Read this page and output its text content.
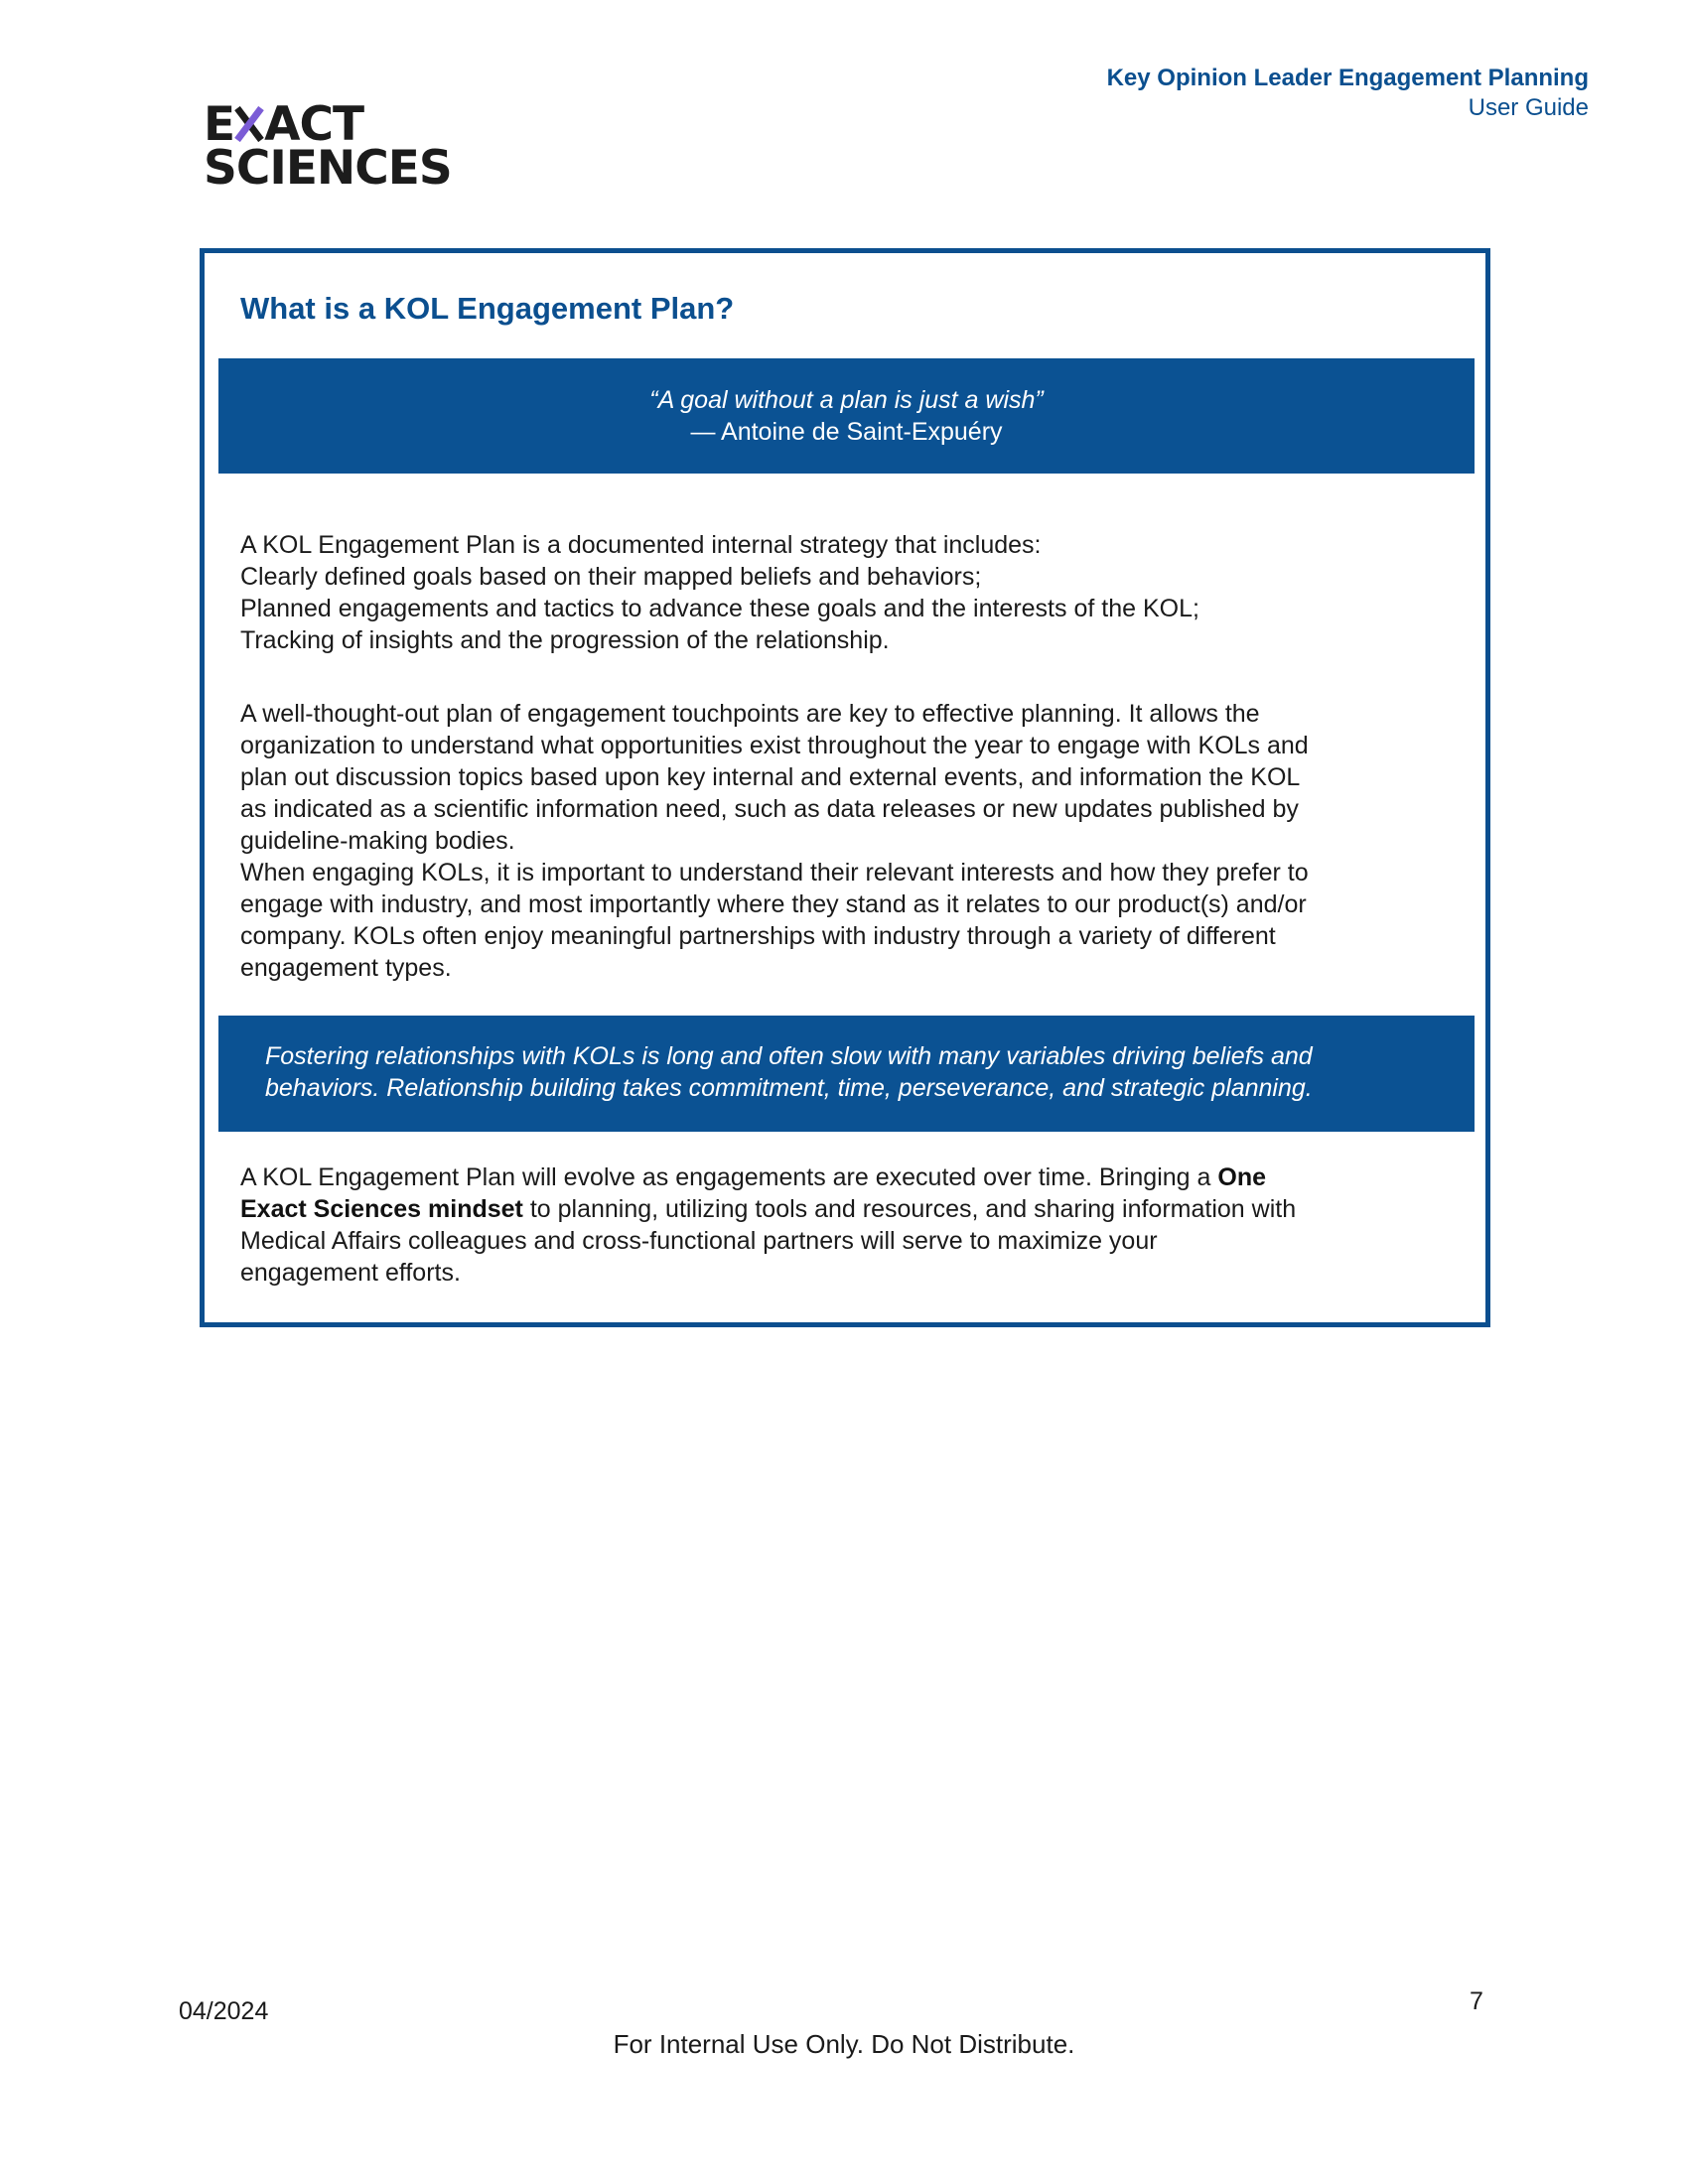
Key Opinion Leader Engagement Planning
User Guide
E ACT
SCIENCES
What is a KOL Engagement Plan?
“A goal without a plan is just a wish”
— Antoine de Saint-Expuéry

A KOL Engagement Plan is a documented internal strategy that includes:

Clearly defined goals based on their mapped beliefs and behaviors;

Planned engagements and tactics to advance these goals and the interests of the KOL;

Tracking of insights and the progression of the relationship.

A well-thought-out plan of engagement touchpoints are key to effective planning. It allows the

organization to understand what opportunities exist throughout the year to engage with KOLs and

plan out discussion topics based upon key internal and external events, and information the KOL

as indicated as a scientific information need, such as data releases or new updates published by

guideline-making bodies.

When engaging KOLs, it is important to understand their relevant interests and how they prefer to

engage with industry, and most importantly where they stand as it relates to our product(s) and/or

company. KOLs often enjoy meaningful partnerships with industry through a variety of different

engagement types.

Fostering relationships with KOLs is long and often slow with many variables driving beliefs and
behaviors. Relationship building takes commitment, time, perseverance, and strategic planning.

A KOL Engagement Plan will evolve as engagements are executed over time. Bringing a One

Exact Sciences mindset to planning, utilizing tools and resources, and sharing information with

Medical Affairs colleagues and cross-functional partners will serve to maximize your

engagement efforts.

04/2024	7
For Internal Use Only. Do Not Distribute.
